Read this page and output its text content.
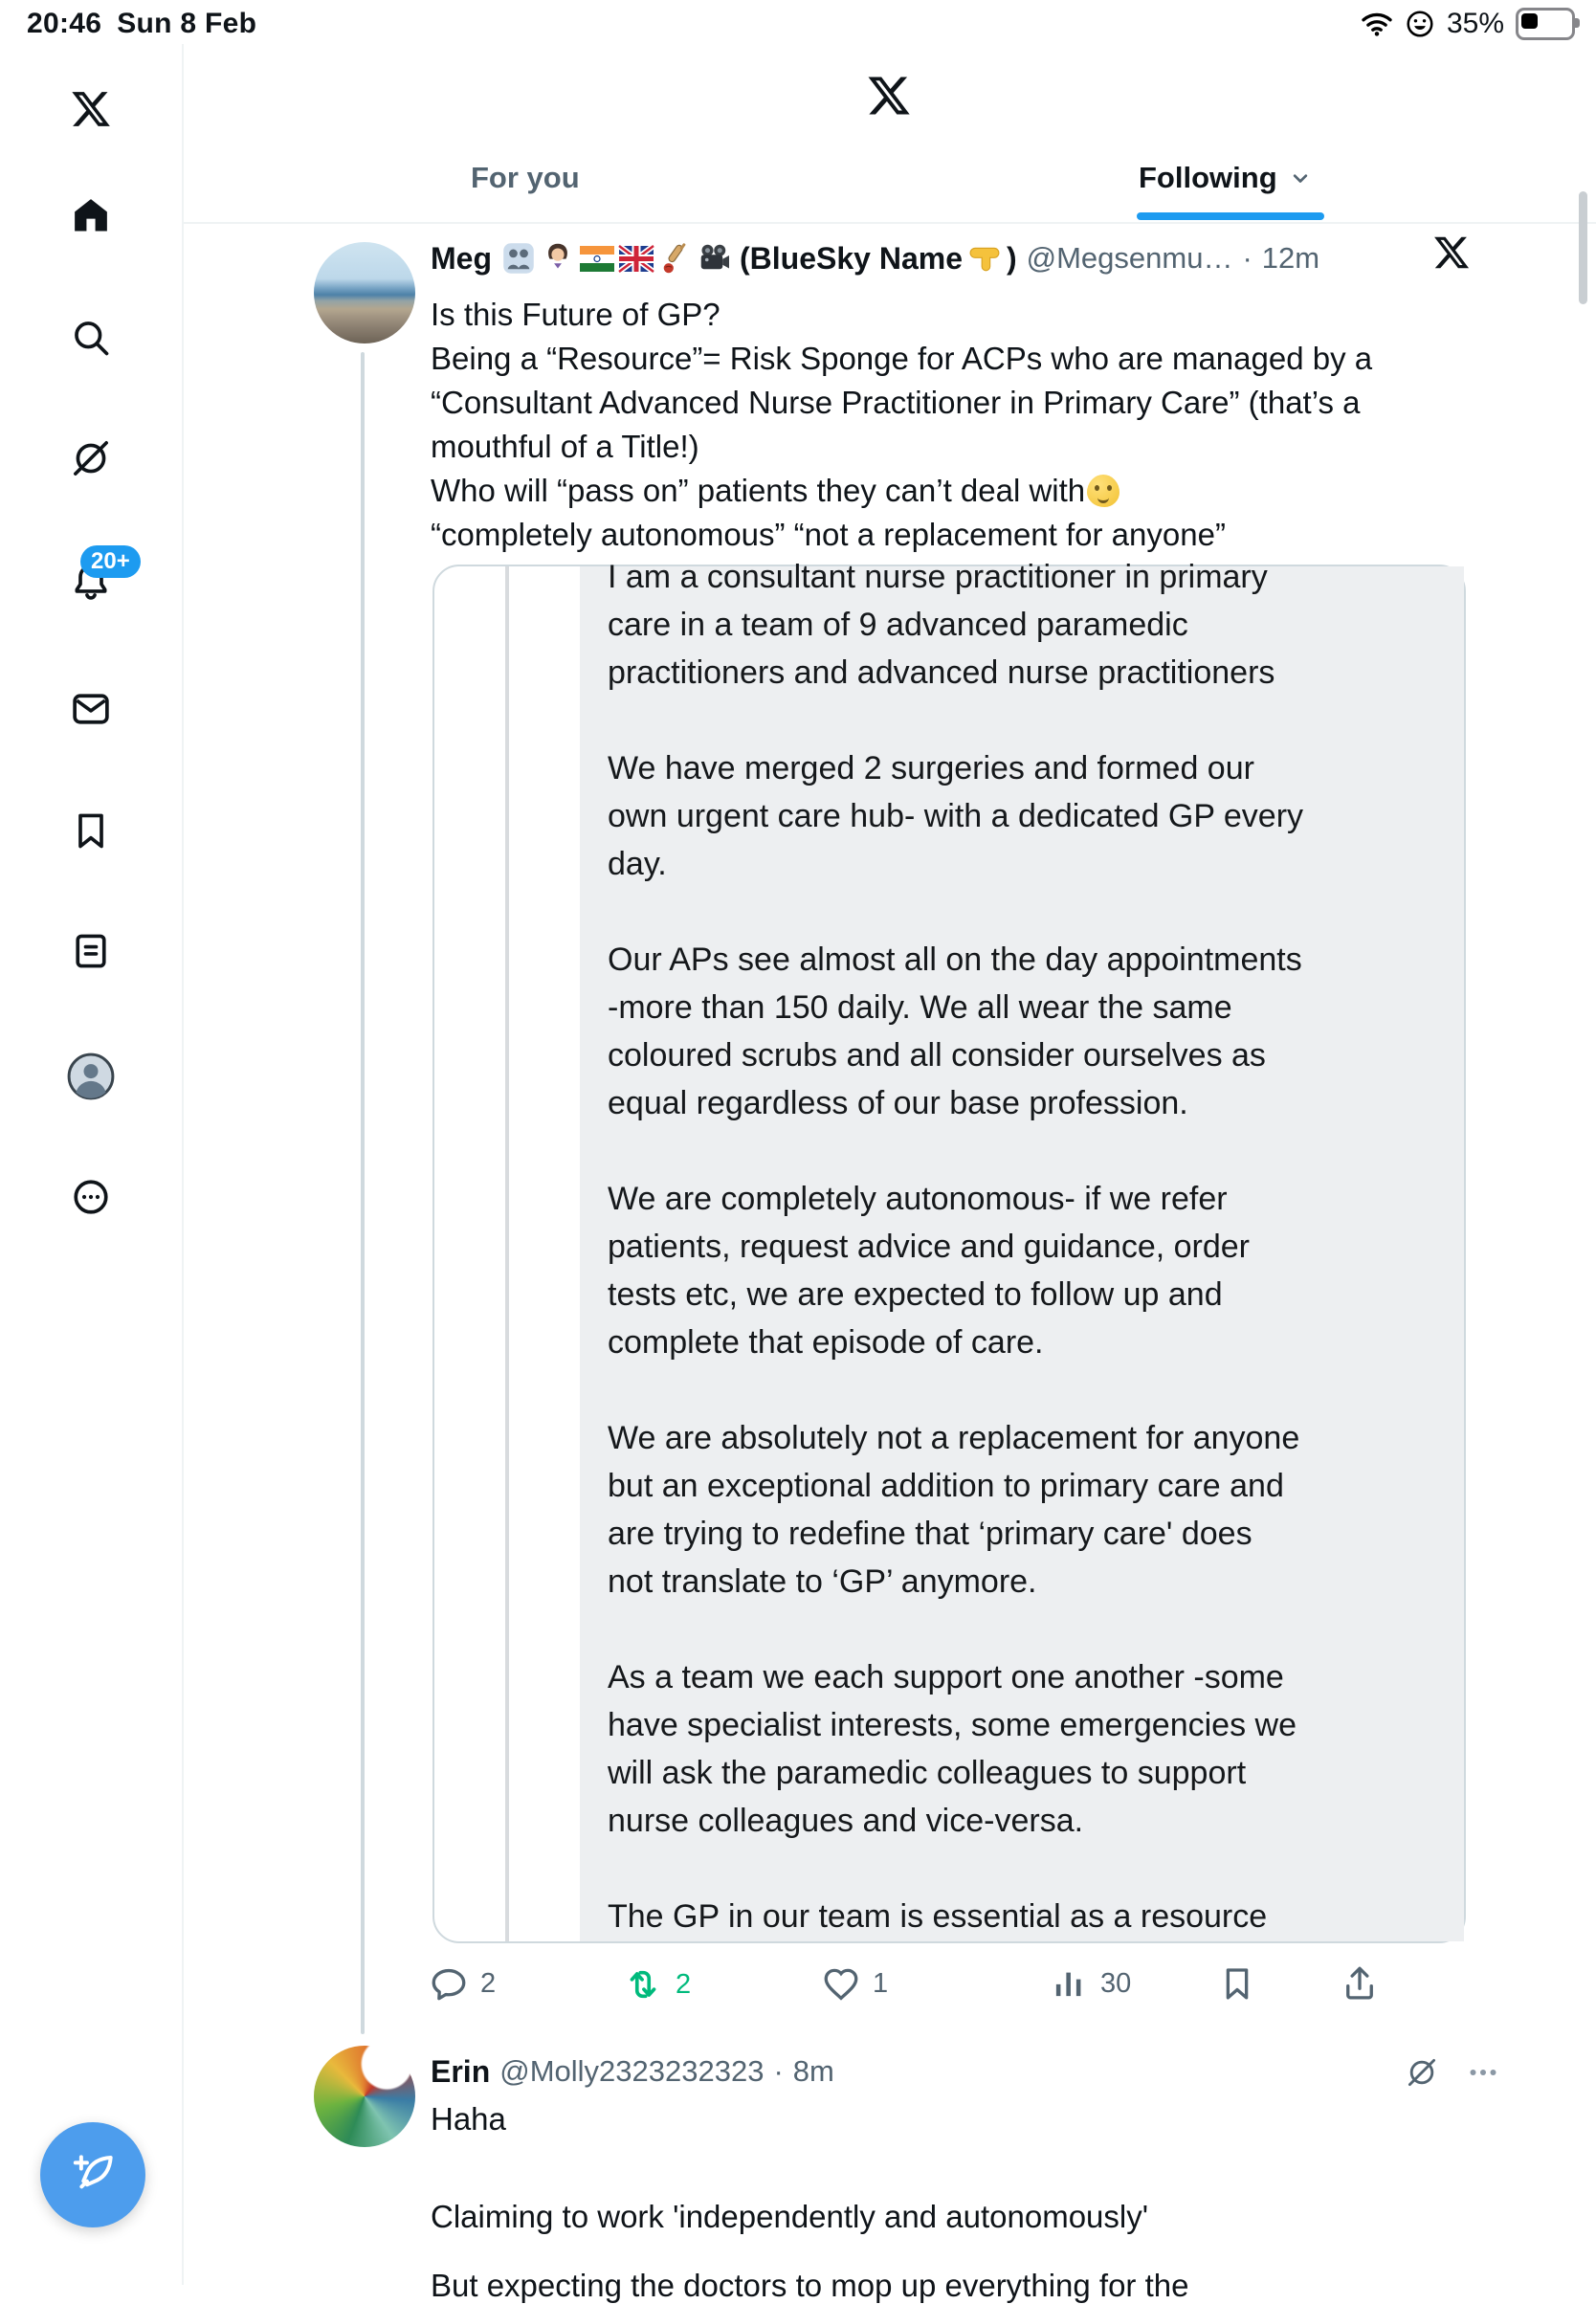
20:46 Sun 8 Feb	35%
20+
For you	Following
Meg	(BlueSky Name ) @Megsenmu… · 12m
Is this Future of GP?
Being a “Resource”= Risk Sponge for ACPs who are managed by a
“Consultant Advanced Nurse Practitioner in Primary Care” (that’s a
mouthful of a Title!)
Who will “pass on” patients they can’t deal with
“completely autonomous” “not a replacement for anyone”

I am a consultant nurse practitioner in primary
care in a team of 9 advanced paramedic
practitioners and advanced nurse practitioners

We have merged 2 surgeries and formed our
own urgent care hub- with a dedicated GP every
day.

Our APs see almost all on the day appointments
-more than 150 daily. We all wear the same
coloured scrubs and all consider ourselves as
equal regardless of our base profession.

We are completely autonomous- if we refer
patients, request advice and guidance, order
tests etc, we are expected to follow up and
complete that episode of care.

We are absolutely not a replacement for anyone
but an exceptional addition to primary care and
are trying to redefine that ‘primary care' does
not translate to ‘GP’ anymore.

As a team we each support one another -some
have specialist interests, some emergencies we
will ask the paramedic colleagues to support
nurse colleagues and vice-versa.

The GP in our team is essential as a resource

2	2	1	30
Erin @Molly2323232323 · 8m
Haha
Claiming to work 'independently and autonomously'
But expecting the doctors to mop up everything for the
